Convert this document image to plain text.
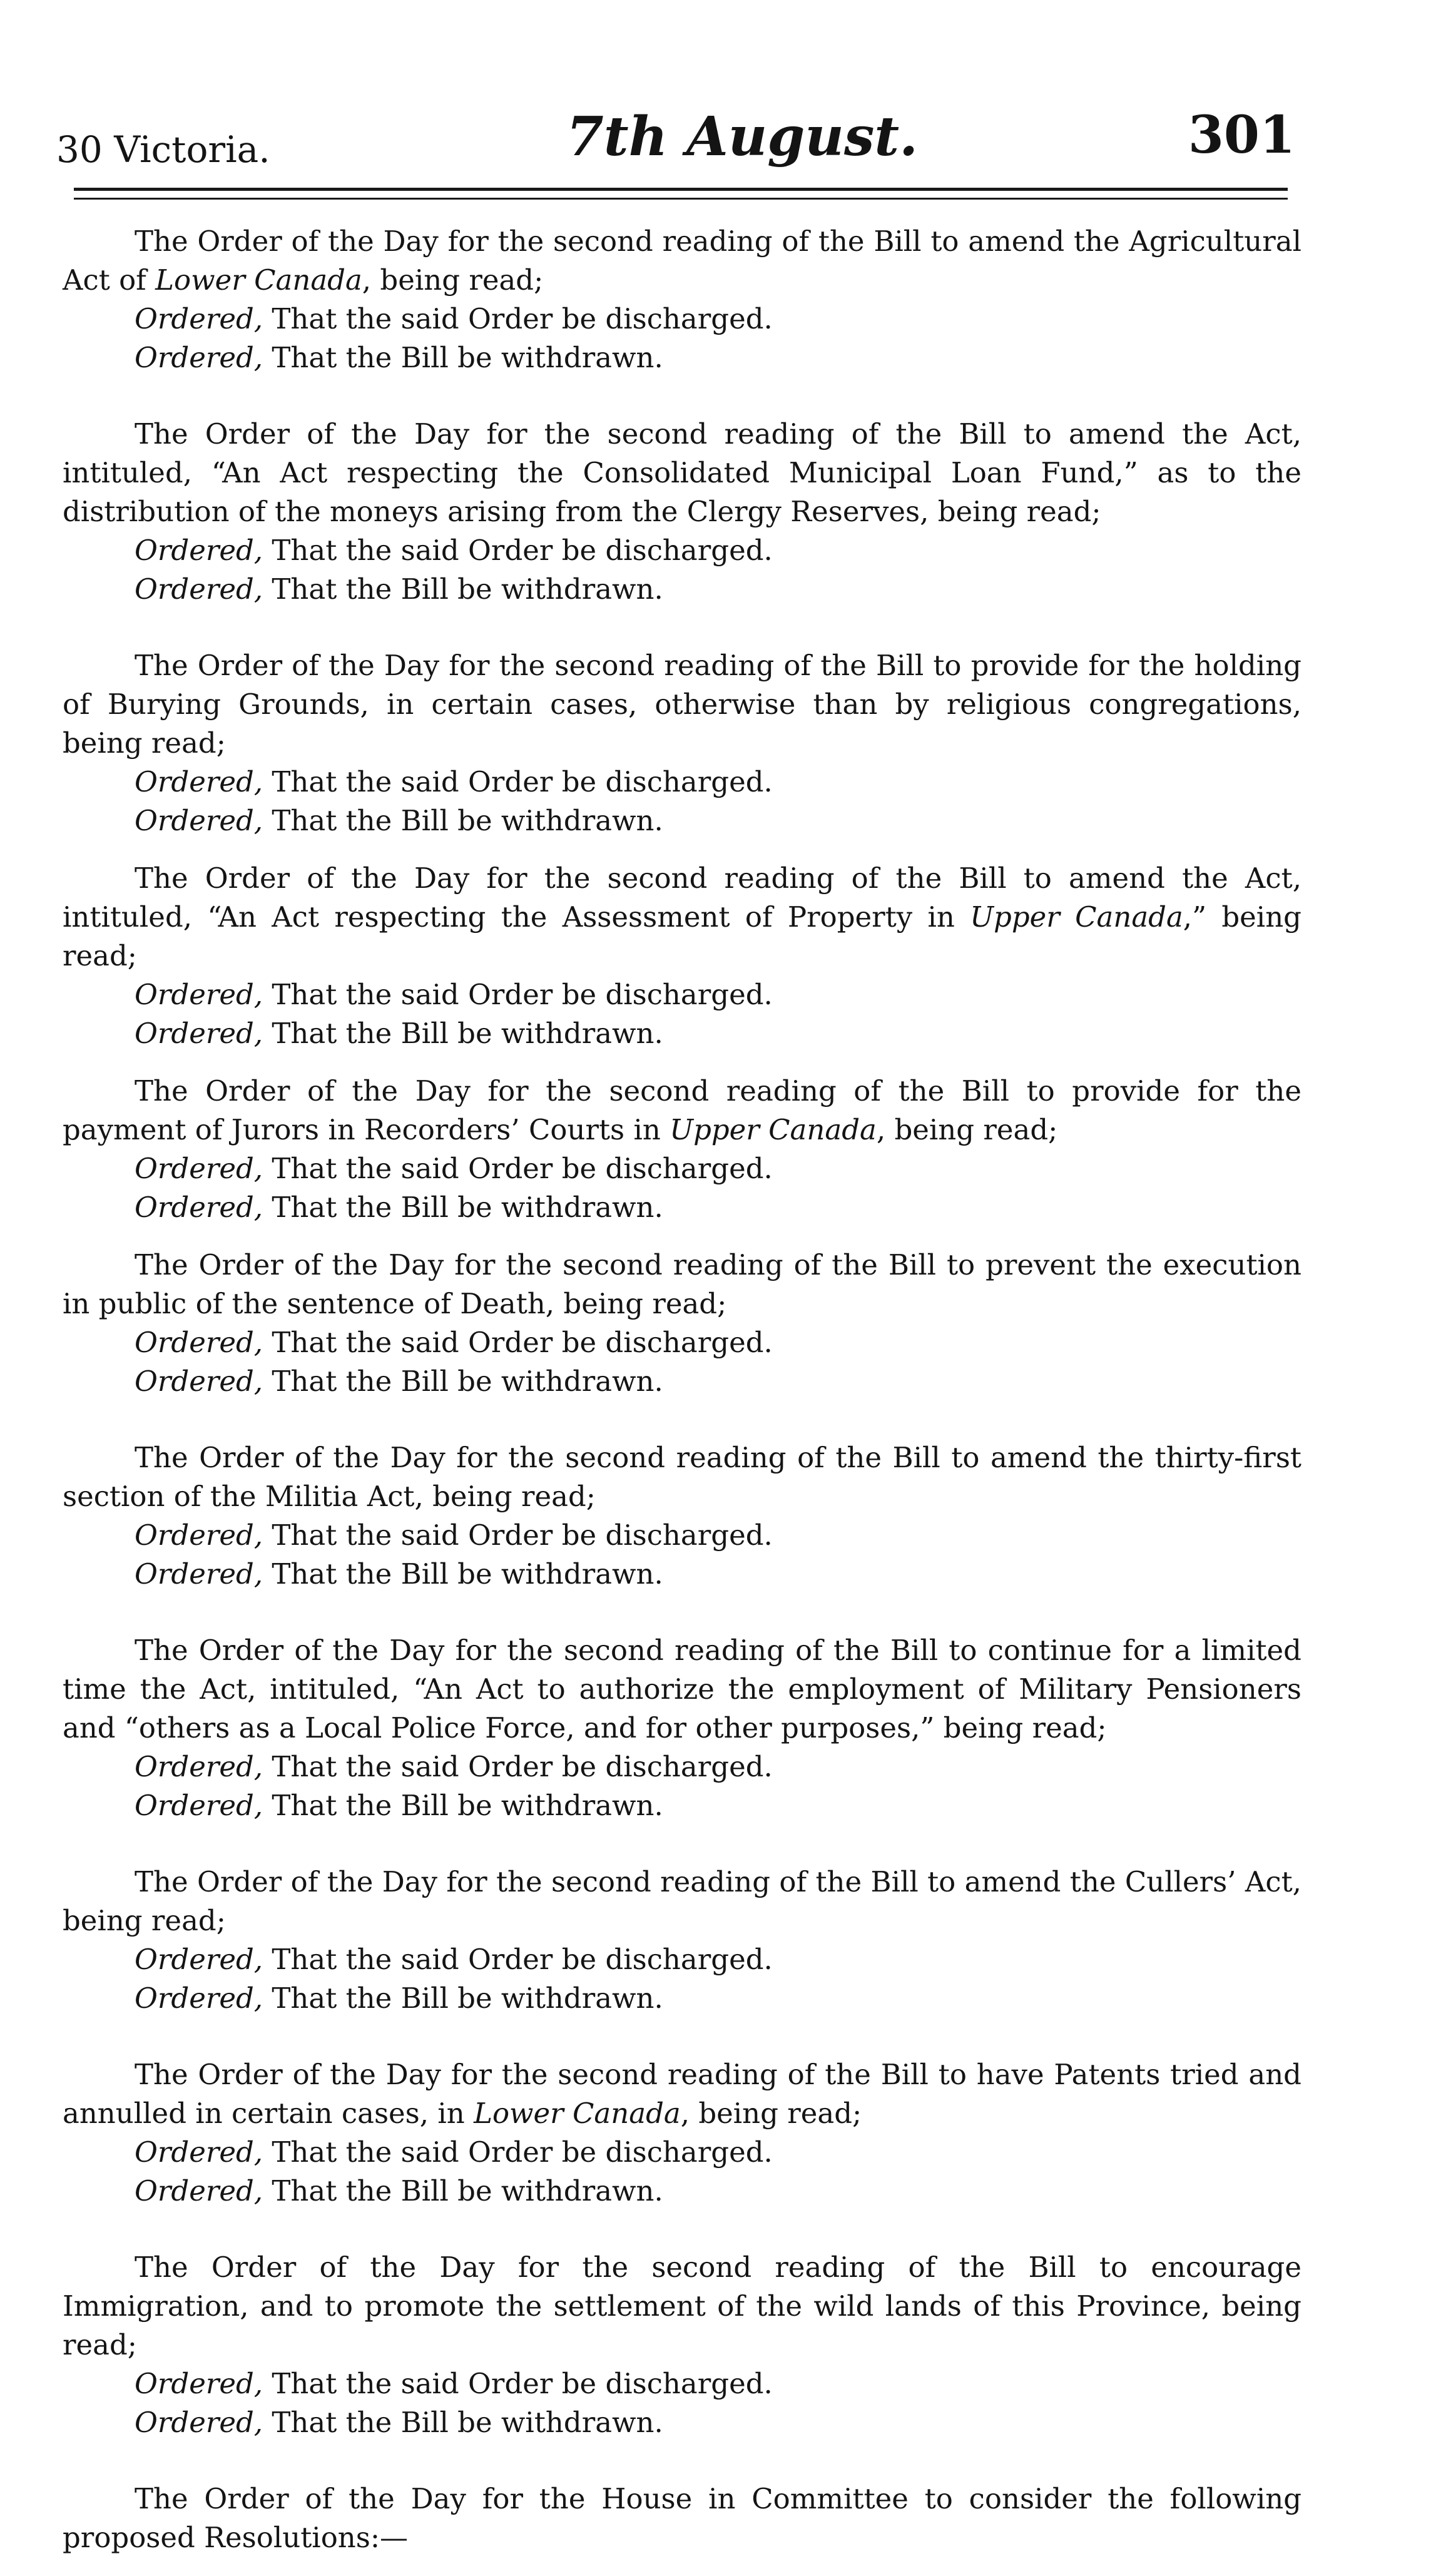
30 Victoria.	7th August.	301

The Order of the Day for the second reading of the Bill to amend the Agricultural Act of Lower Canada, being read;

Ordered, That the said Order be discharged.

Ordered, That the Bill be withdrawn.

The Order of the Day for the second reading of the Bill to amend the Act, intituled, “An Act respecting the Consolidated Municipal Loan Fund,” as to the distribution of the moneys arising from the Clergy Reserves, being read;

Ordered, That the said Order be discharged.

Ordered, That the Bill be withdrawn.

The Order of the Day for the second reading of the Bill to provide for the holding of Burying Grounds, in certain cases, otherwise than by religious congregations, being read;

Ordered, That the said Order be discharged.

Ordered, That the Bill be withdrawn.

The Order of the Day for the second reading of the Bill to amend the Act, intituled, “An Act respecting the Assessment of Property in Upper Canada,” being read;

Ordered, That the said Order be discharged.

Ordered, That the Bill be withdrawn.

The Order of the Day for the second reading of the Bill to provide for the payment of Jurors in Recorders’ Courts in Upper Canada, being read;

Ordered, That the said Order be discharged.

Ordered, That the Bill be withdrawn.

The Order of the Day for the second reading of the Bill to prevent the execution in public of the sentence of Death, being read;

Ordered, That the said Order be discharged.

Ordered, That the Bill be withdrawn.

The Order of the Day for the second reading of the Bill to amend the thirty-first section of the Militia Act, being read;

Ordered, That the said Order be discharged.

Ordered, That the Bill be withdrawn.

The Order of the Day for the second reading of the Bill to continue for a limited time the Act, intituled, “An Act to authorize the employment of Military Pensioners and “others as a Local Police Force, and for other purposes,” being read;

Ordered, That the said Order be discharged.

Ordered, That the Bill be withdrawn.

The Order of the Day for the second reading of the Bill to amend the Cullers’ Act, being read;

Ordered, That the said Order be discharged.

Ordered, That the Bill be withdrawn.

The Order of the Day for the second reading of the Bill to have Patents tried and annulled in certain cases, in Lower Canada, being read;

Ordered, That the said Order be discharged.

Ordered, That the Bill be withdrawn.

The Order of the Day for the second reading of the Bill to encourage Immigration, and to promote the settlement of the wild lands of this Province, being read;

Ordered, That the said Order be discharged.

Ordered, That the Bill be withdrawn.

The Order of the Day for the House in Committee to consider the following proposed Resolutions:—
